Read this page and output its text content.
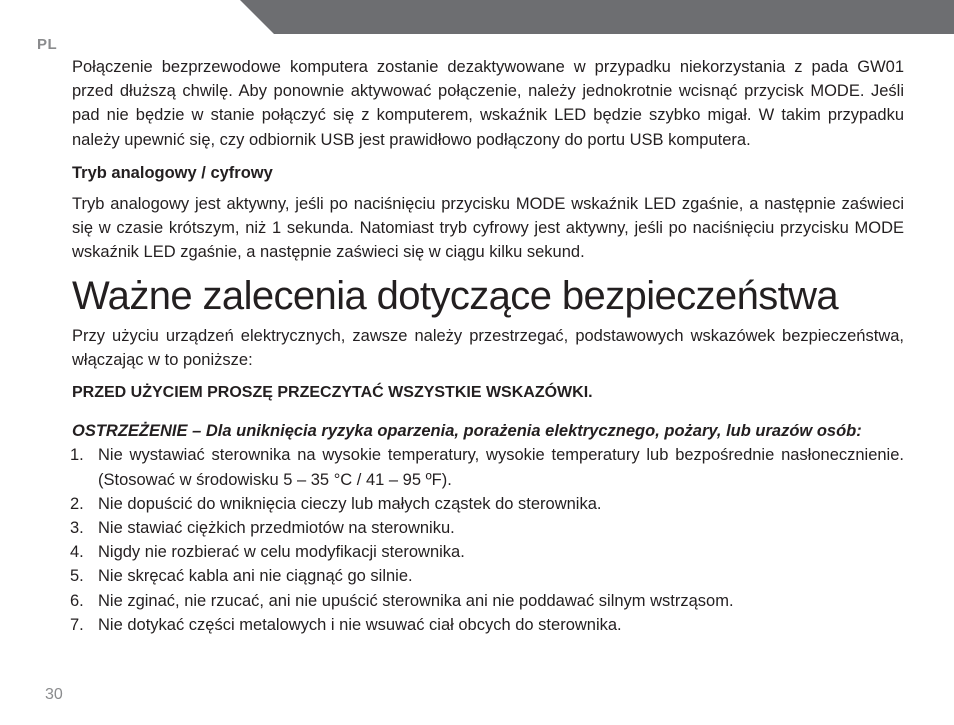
PL

Połączenie bezprzewodowe komputera zostanie dezaktywowane w przypadku niekorzystania z pada GW01 przed dłuższą chwilę. Aby ponownie aktywować połączenie, należy jednokrotnie wcisnąć przycisk MODE. Jeśli pad nie będzie w stanie połączyć się z komputerem, wskaźnik LED będzie szybko migał. W takim przypadku należy upewnić się, czy odbiornik USB jest prawidłowo podłączony do portu USB komputera.

Tryb analogowy / cyfrowy

Tryb analogowy jest aktywny, jeśli po naciśnięciu przycisku MODE wskaźnik LED zgaśnie, a następnie zaświeci się w czasie krótszym, niż 1 sekunda. Natomiast tryb cyfrowy jest aktywny, jeśli po naciśnięciu przycisku MODE wskaźnik LED zgaśnie, a następnie zaświeci się w ciągu kilku sekund.

Ważne zalecenia dotyczące bezpieczeństwa

Przy użyciu urządzeń elektrycznych, zawsze należy przestrzegać, podstawowych wskazówek bezpieczeństwa, włączając w to poniższe:

PRZED UŻYCIEM PROSZĘ PRZECZYTAĆ WSZYSTKIE WSKAZÓWKI.

OSTRZEŻENIE – Dla uniknięcia ryzyka oparzenia, porażenia elektrycznego, pożary, lub urazów osób:

1. Nie wystawiać sterownika na wysokie temperatury, wysokie temperatury lub bezpośrednie nasłonecznienie. (Stosować w środowisku 5 – 35 °C / 41 – 95 ºF).
2. Nie dopuścić do wniknięcia cieczy lub małych cząstek do sterownika.
3. Nie stawiać ciężkich przedmiotów na sterowniku.
4. Nigdy nie rozbierać w celu modyfikacji sterownika.
5. Nie skręcać kabla ani nie ciągnąć go silnie.
6. Nie zginać, nie rzucać, ani nie upuścić sterownika ani nie poddawać silnym wstrząsom.
7. Nie dotykać części metalowych i nie wsuwać ciał obcych do sterownika.
30
